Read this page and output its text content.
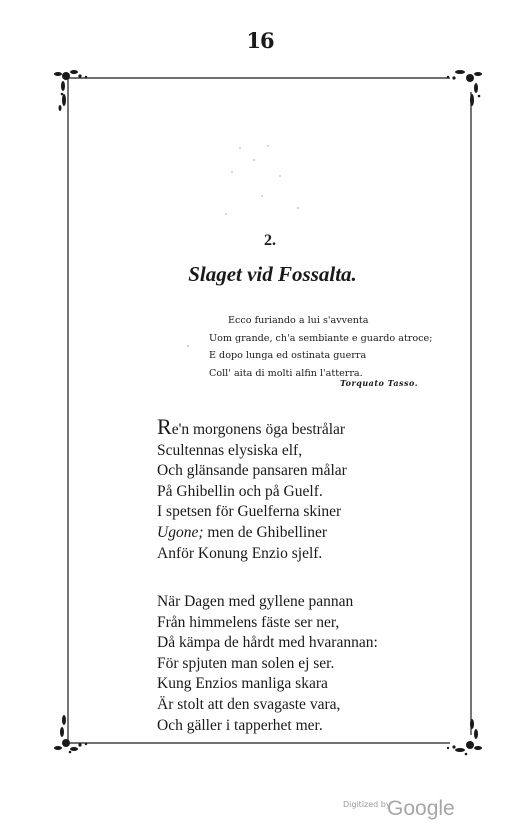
16
2.
Slaget vid Fossalta.
Ecco furiando a lui s'avventa
Uom grande, ch'a sembiante e guardo atroce;
E dopo lunga ed ostinata guerra
Coll' aita di molti alfin l'atterra.
Torquato Tasso.
Re'n morgonens öga bestrålar
Scultennas elysiska elf,
Och glänsande pansaren målar
På Ghibellin och på Guelf.
I spetsen för Guelferna skiner
Ugone; men de Ghibelliner
Anför Konung Enzio sjelf.
När Dagen med gyllene pannan
Från himmelens fäste ser ner,
Då kämpa de hårdt med hvarannan:
För spjuten man solen ej ser.
Kung Enzios manliga skara
Är stolt att den svagaste vara,
Och gäller i tapperhet mer.
Digitized by
Google
